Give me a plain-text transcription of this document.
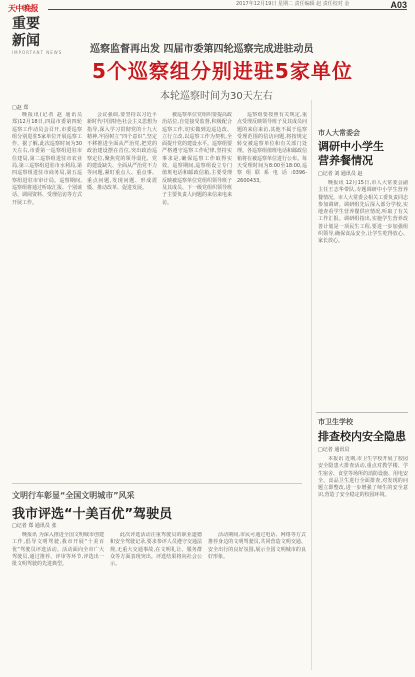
天中晚报	2017年12月19日 星期二 责任编辑 赵 责任校对 金	A03
重要
新闻
IMPORTANT NEWS	巡察监督再出发 四届市委第四轮巡察完成进驻动员
5个巡察组分别进驻5家单位
本轮巡察时间为30天左右
□赵 郑

晚报讯(记者 赵 通讯员 郑)12月18日,四届市委第四轮巡察工作动员会召开,市委巡察组分别进驻5家单位开展巡察工作。据了解,此次巡察时间为30天左右,市委第一巡察组进驻市住建局,第二巡察组进驻市农业局,第三巡察组进驻市水利局,第四巡察组进驻市商务局,第五巡察组进驻市审计局。巡察期间,巡察组将通过听取汇报、个别谈话、调阅资料、受理信访等方式开展工作。

会议强调,要坚持以习近平新时代中国特色社会主义思想为指导,深入学习贯彻党的十九大精神,牢固树立“四个意识”,坚定不移推进全面从严治党,把党的政治建设摆在首位,突出政治巡察定位,聚焦党的领导弱化、党的建设缺失、全面从严治党不力等问题,紧盯重点人、重点事、重点问题,发现问题、形成震慑、推动改革、促进发展。

被巡察单位党组织要提高政治站位,自觉接受监督,积极配合巡察工作,切实做到边巡边改、立行立改,以巡察工作为契机,全面提升党的建设水平。巡察组要严格遵守巡察工作纪律,坚持实事求是,确保巡察工作取得实效。巡察期间,巡察组设立专门值班电话和邮政信箱,主要受理反映被巡察单位党组织领导班子及其成员、下一级党组织领导班子主要负责人问题的来信来电来访。

巡察组要按照有关规定,重点受理反映领导班子及其成员问题的来信来访,其他不属于巡察受理范围的信访问题,将按规定转交被巡察单位和有关部门处理。各巡察组值班电话和邮政信箱将在被巡察单位进行公布。每天受理时间为8:00至18:00,巡察组联系电话:0396-2600433。

市人大常委会
调研中小学生
营养餐情况
□记者 刘 通讯员 赵

晚报讯 12月15日,市人大常委会副主任王志华带队,专题调研中小学生营养餐情况。市人大常委会相关工委负责同志参加调研。调研组先后深入部分学校,实地查看学生营养餐供应情况,听取了有关工作汇报。调研组指出,实施学生营养改善计划是一项民生工程,要进一步加强组织领导,确保食品安全,让学生吃得放心、家长放心。

市卫生学校
排查校内安全隐患
□记者 通讯员

本报讯 近期,市卫生学校开展了校园安全隐患大排查活动,重点对教学楼、学生宿舍、食堂等场所的消防设施、用电安全、食品卫生进行全面排查,对发现的问题立即整改,进一步增强了师生的安全意识,营造了安全稳定的校园环境。

文明行车彰显“全国文明城市”风采
我市评选“十美百优”驾驶员
□记者 郑 通讯员 张

晚报讯 为深入推进全国文明城市创建工作,倡导文明驾驶,我市开展“十美百优”驾驶员评选活动。活动面向全市广大驾驶员,通过推荐、评审等环节,评选出一批文明驾驶的先进典型。

此次评选活动注重驾驶员的职业道德和安全驾驶记录,要求参评人员遵守交通法规,无重大交通事故,在文明礼让、服务群众等方面表现突出。评选结果将向社会公示。

活动期间,市民可通过电话、网络等方式推荐身边的文明驾驶员,共同营造文明交通、安全出行的良好氛围,展示全国文明城市的良好形象。
